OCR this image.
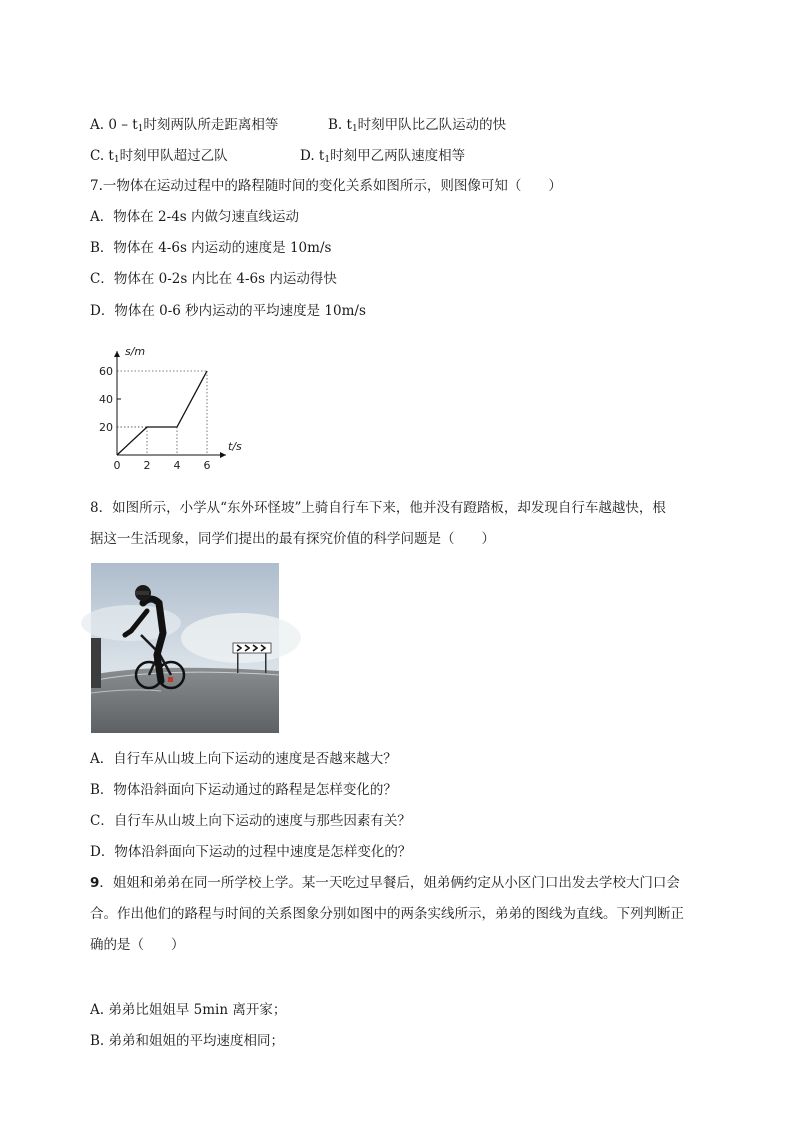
A. $0 - t_1$时刻两队所走距离相等	B. $t_1$时刻甲队比乙队运动的快
C. $t_1$时刻甲队超过乙队	D. $t_1$时刻甲乙两队速度相等
7.一物体在运动过程中的路程随时间的变化关系如图所示，则图像可知（　　）
A．物体在 2-4s 内做匀速直线运动
B．物体在 4-6s 内运动的速度是 10m/s
C．物体在 0-2s 内比在 4-6s 内运动得快
D．物体在 0-6 秒内运动的平均速度是 10m/s
0 2 4 6
20
40
60
s/m
t/s
8．如图所示，小学从“东外环怪坡”上骑自行车下来，他并没有蹬踏板，却发现自行车越越快，根
据这一生活现象，同学们提出的最有探究价值的科学问题是（　　）
A．自行车从山坡上向下运动的速度是否越来越大？
B．物体沿斜面向下运动通过的路程是怎样变化的？
C．自行车从山坡上向下运动的速度与那些因素有关？
D．物体沿斜面向下运动的过程中速度是怎样变化的？
9．姐姐和弟弟在同一所学校上学。某一天吃过早餐后，姐弟俩约定从小区门口出发去学校大门口会
合。作出他们的路程与时间的关系图象分别如图中的两条实线所示，弟弟的图线为直线。下列判断正
确的是（　　）
A. 弟弟比姐姐早 5min 离开家；
B. 弟弟和姐姐的平均速度相同；
